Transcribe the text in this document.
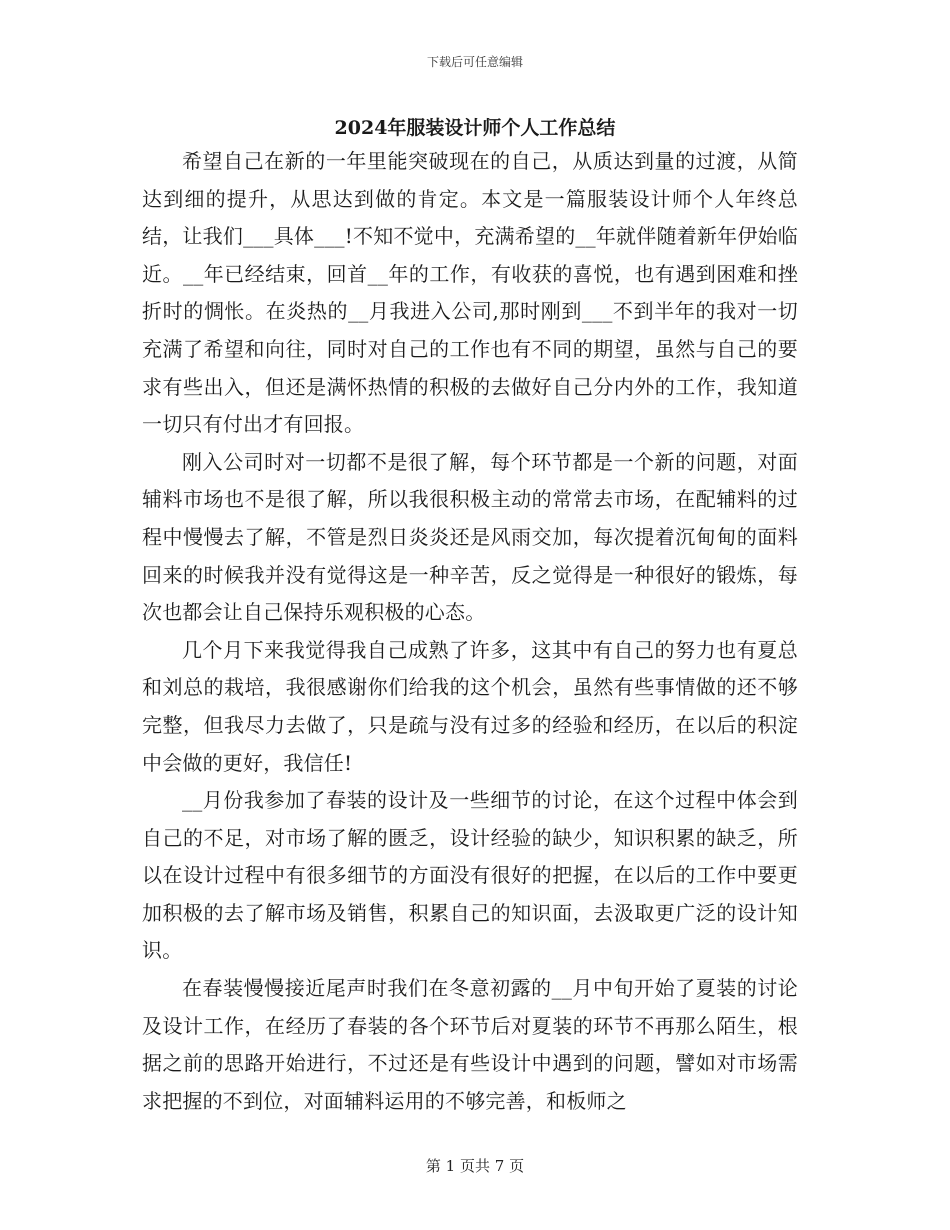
下载后可任意编辑
2024年服装设计师个人工作总结

希望自己在新的一年里能突破现在的自己，从质达到量的过渡，从简达到细的提升，从思达到做的肯定。本文是一篇服装设计师个人年终总结，让我们___具体___!不知不觉中，充满希望的__年就伴随着新年伊始临近。__年已经结束，回首__年的工作，有收获的喜悦，也有遇到困难和挫折时的惆怅。在炎热的__月我进入公司,那时刚到___不到半年的我对一切充满了希望和向往，同时对自己的工作也有不同的期望，虽然与自己的要求有些出入，但还是满怀热情的积极的去做好自己分内外的工作，我知道一切只有付出才有回报。

刚入公司时对一切都不是很了解，每个环节都是一个新的问题，对面辅料市场也不是很了解，所以我很积极主动的常常去市场，在配辅料的过程中慢慢去了解，不管是烈日炎炎还是风雨交加，每次提着沉甸甸的面料回来的时候我并没有觉得这是一种辛苦，反之觉得是一种很好的锻炼，每次也都会让自己保持乐观积极的心态。

几个月下来我觉得我自己成熟了许多，这其中有自己的努力也有夏总和刘总的栽培，我很感谢你们给我的这个机会，虽然有些事情做的还不够完整，但我尽力去做了，只是疏与没有过多的经验和经历，在以后的积淀中会做的更好，我信任!

__月份我参加了春装的设计及一些细节的讨论，在这个过程中体会到自己的不足，对市场了解的匮乏，设计经验的缺少，知识积累的缺乏，所以在设计过程中有很多细节的方面没有很好的把握，在以后的工作中要更加积极的去了解市场及销售，积累自己的知识面，去汲取更广泛的设计知识。

在春装慢慢接近尾声时我们在冬意初露的__月中旬开始了夏装的讨论及设计工作，在经历了春装的各个环节后对夏装的环节不再那么陌生，根据之前的思路开始进行，不过还是有些设计中遇到的问题，譬如对市场需求把握的不到位，对面辅料运用的不够完善，和板师之

第 1 页共 7 页
